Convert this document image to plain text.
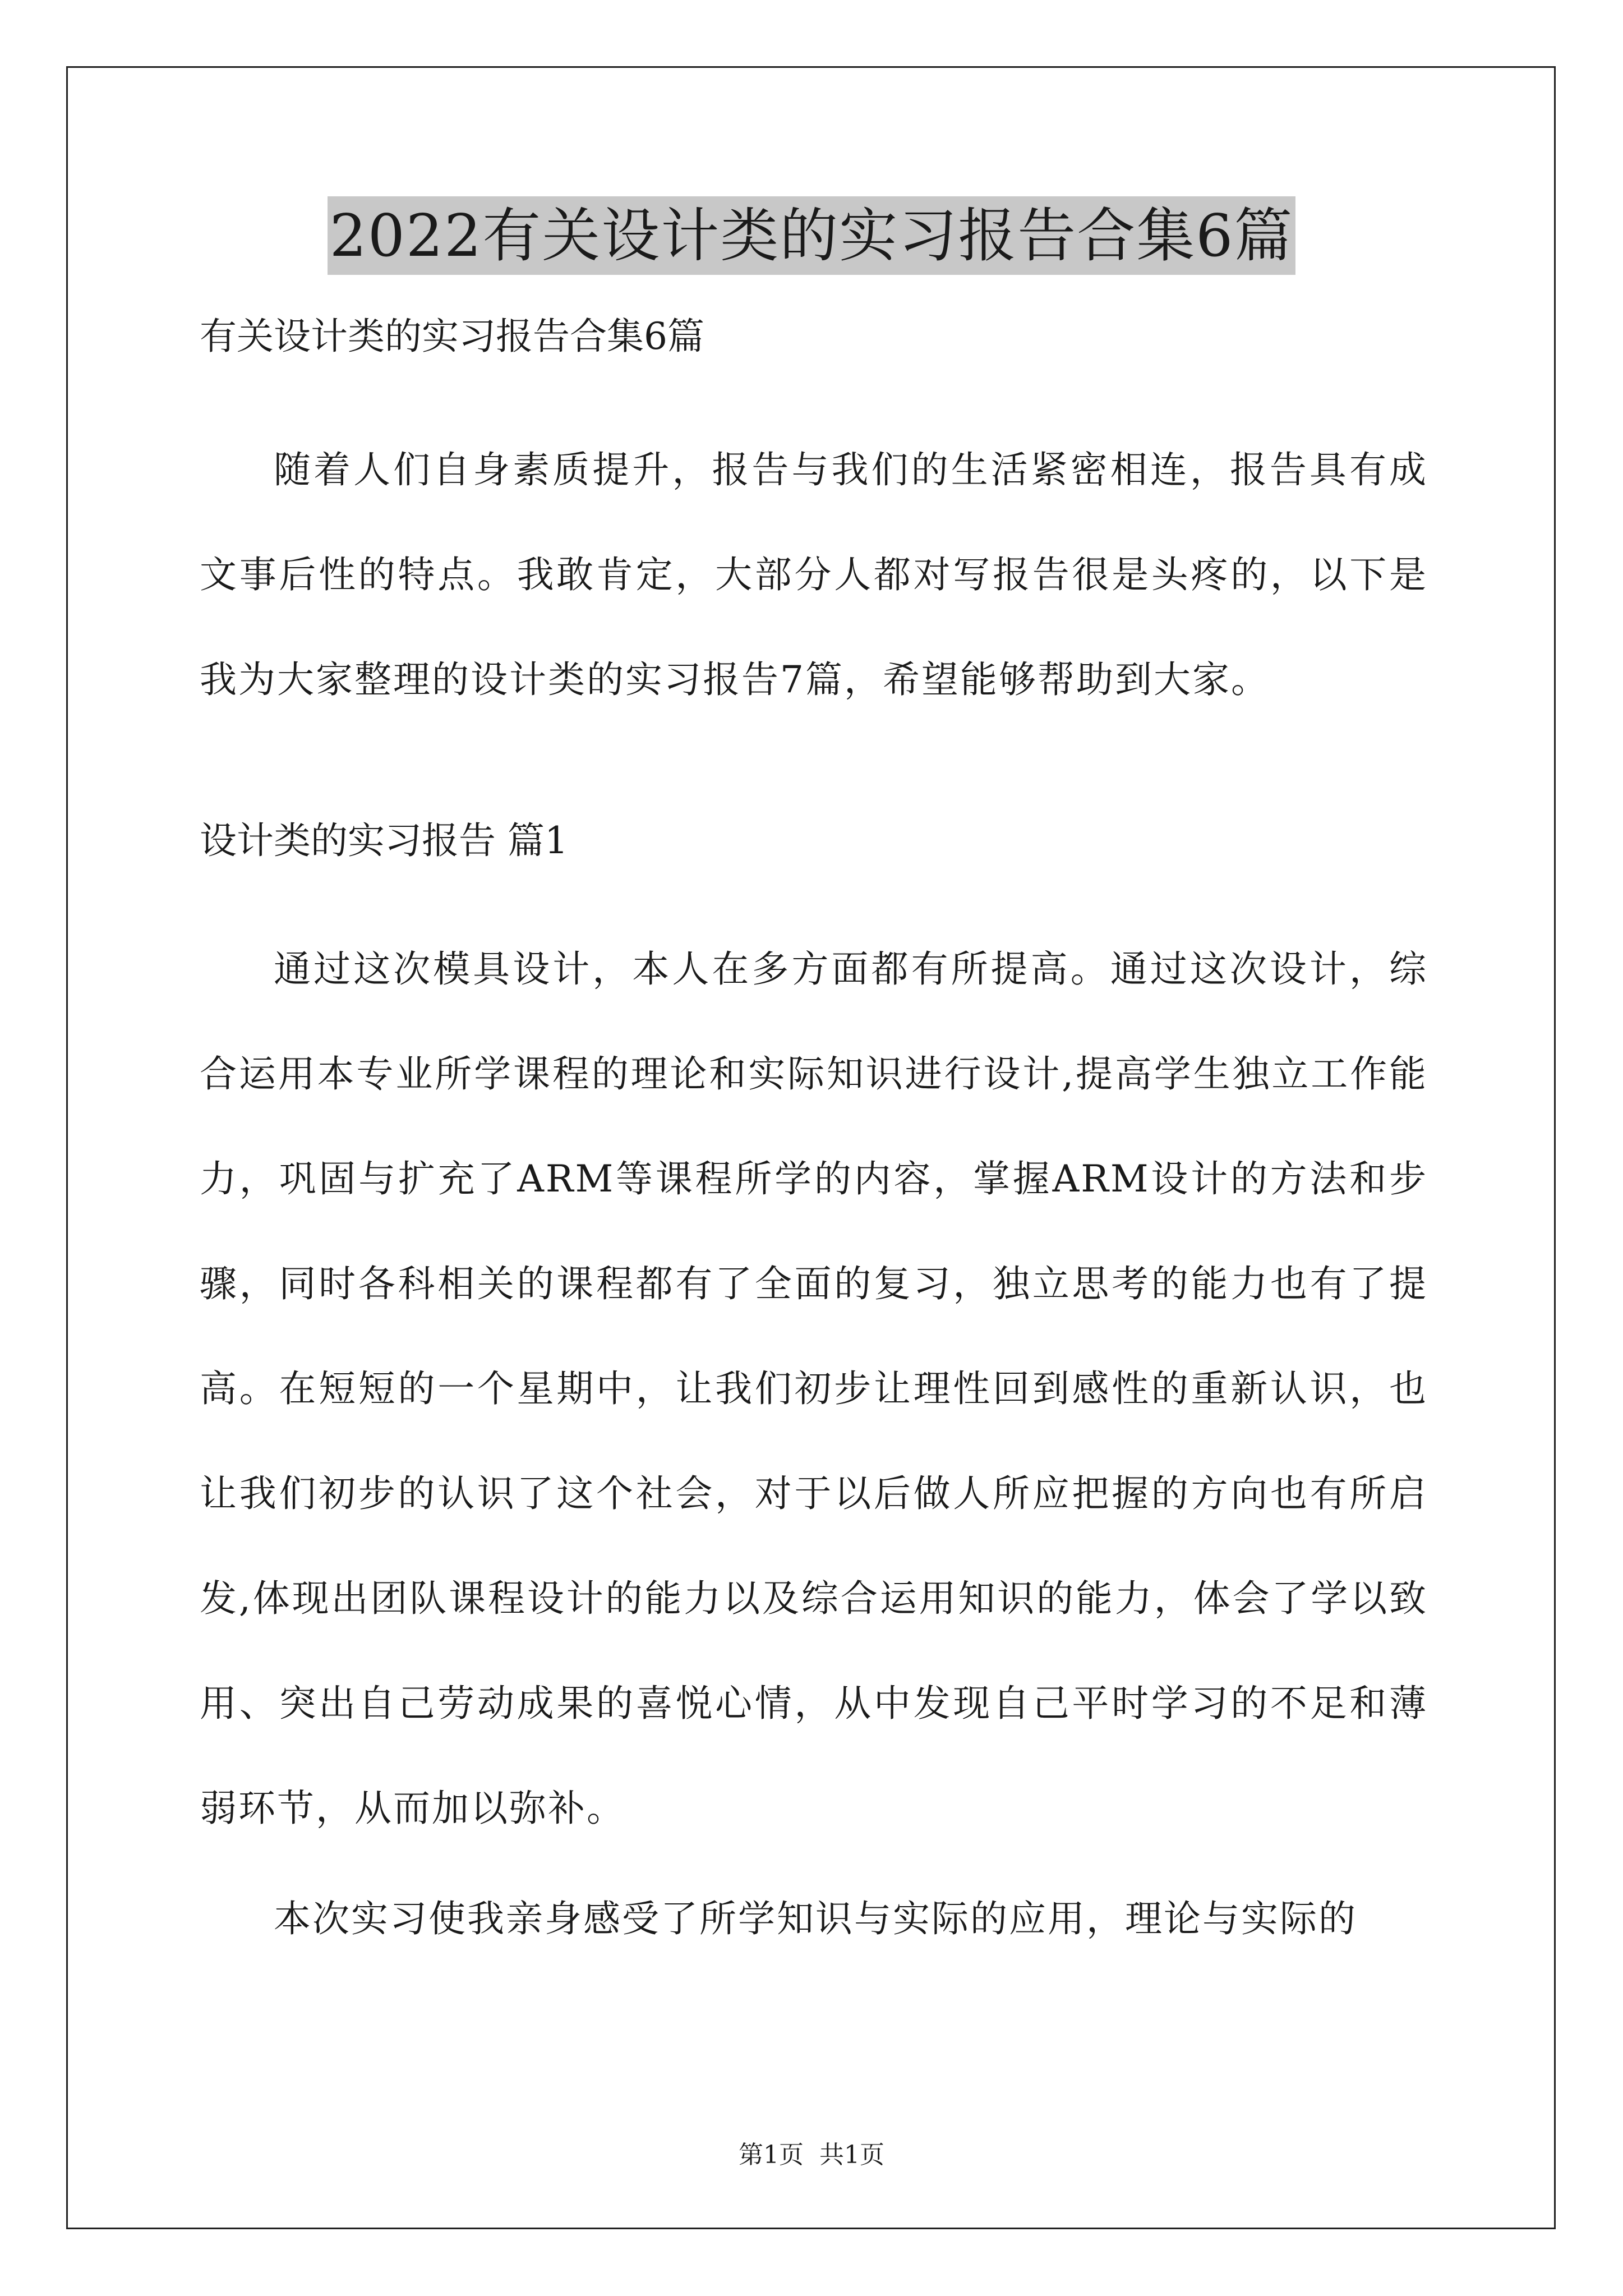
2022有关设计类的实习报告合集6篇

有关设计类的实习报告合集6篇

随着人们自身素质提升，报告与我们的生活紧密相连，报告具有成文事后性的特点。我敢肯定，大部分人都对写报告很是头疼的，以下是我为大家整理的设计类的实习报告7篇，希望能够帮助到大家。

设计类的实习报告 篇1

通过这次模具设计，本人在多方面都有所提高。通过这次设计，综合运用本专业所学课程的理论和实际知识进行设计,提高学生独立工作能力，巩固与扩充了ARM等课程所学的内容，掌握ARM设计的方法和步骤，同时各科相关的课程都有了全面的复习，独立思考的能力也有了提高。在短短的一个星期中，让我们初步让理性回到感性的重新认识，也让我们初步的认识了这个社会，对于以后做人所应把握的方向也有所启发,体现出团队课程设计的能力以及综合运用知识的能力，体会了学以致用、突出自己劳动成果的喜悦心情，从中发现自己平时学习的不足和薄弱环节，从而加以弥补。

本次实习使我亲身感受了所学知识与实际的应用，理论与实际的

第1页 共1页
